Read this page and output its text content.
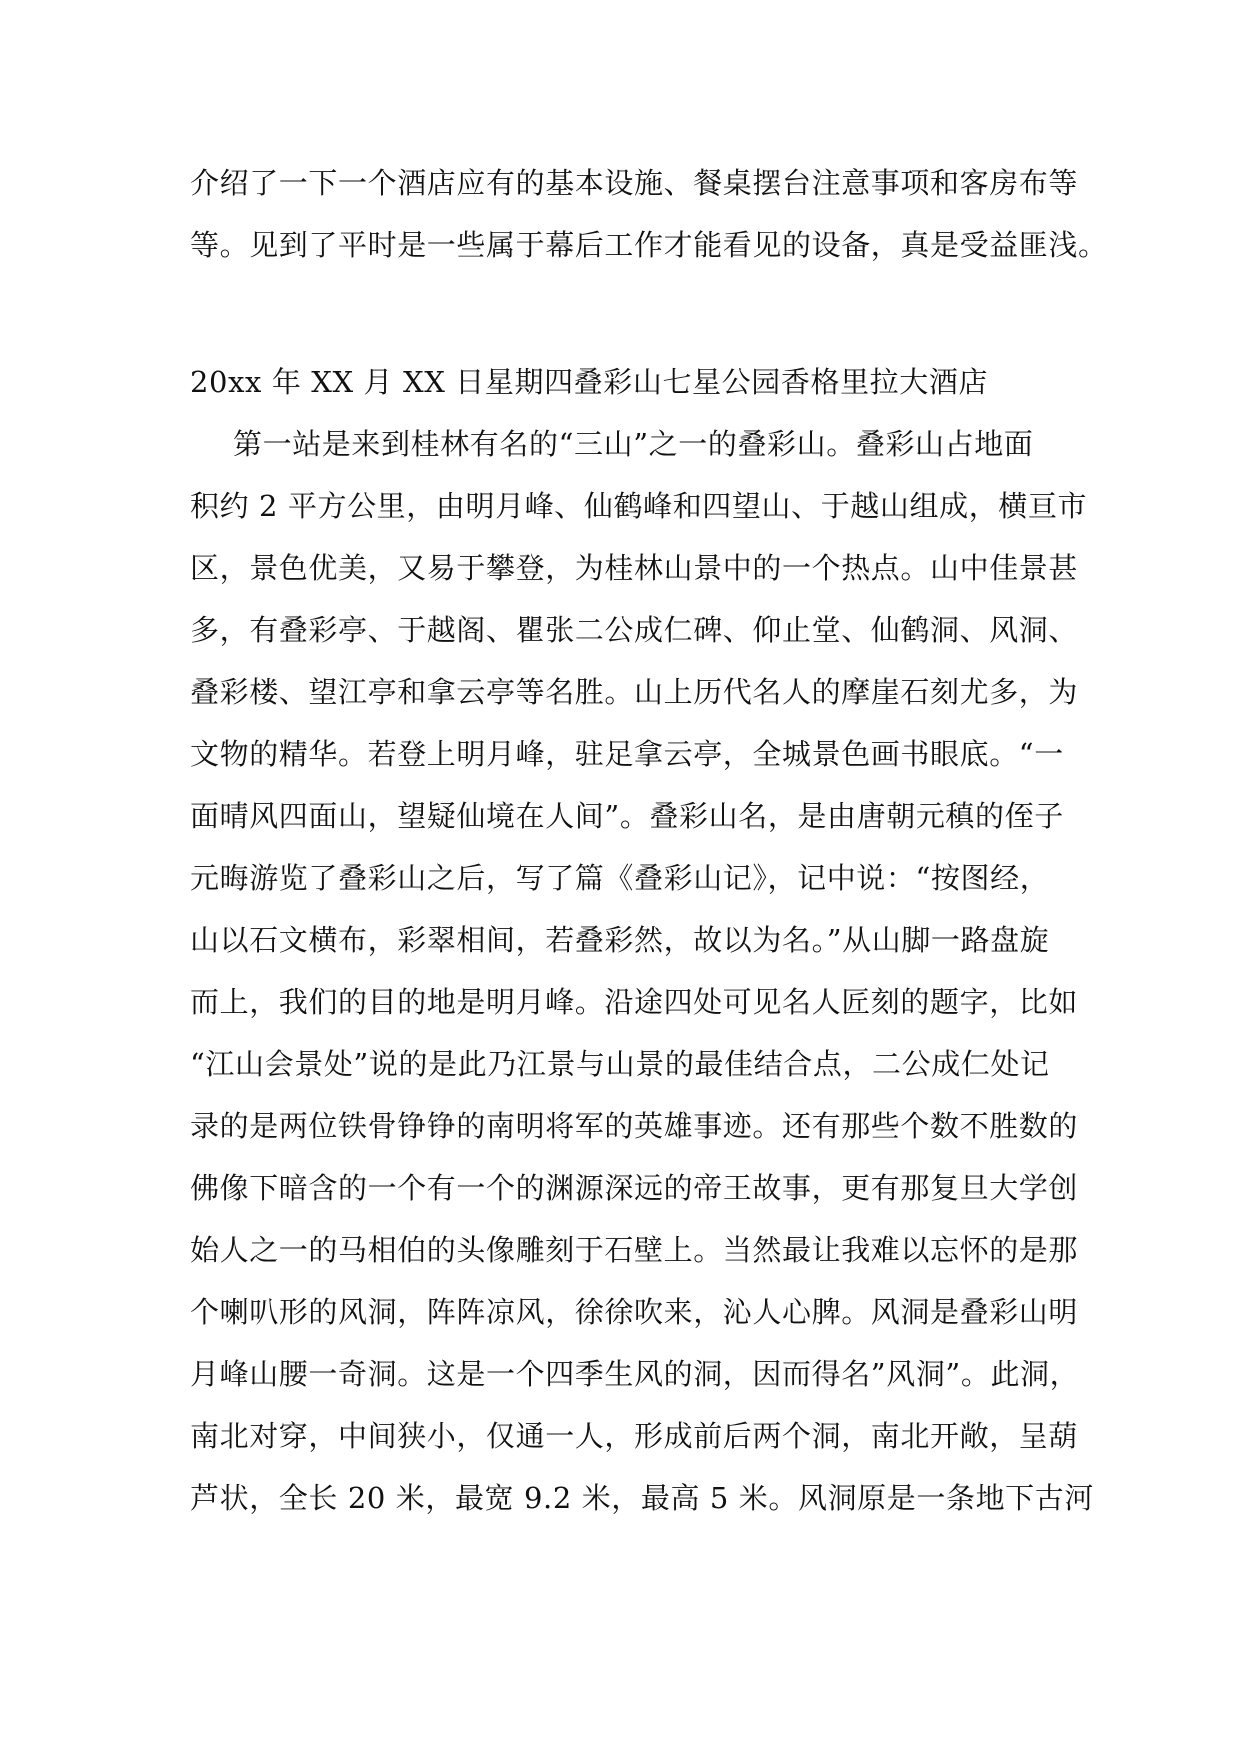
介绍了一下一个酒店应有的基本设施、餐桌摆台注意事项和客房布等
等。见到了平时是一些属于幕后工作才能看见的设备，真是受益匪浅。
20xx 年 XX 月 XX 日星期四叠彩山七星公园香格里拉大酒店
第一站是来到桂林有名的“三山”之一的叠彩山。叠彩山占地面
积约 2 平方公里，由明月峰、仙鹤峰和四望山、于越山组成，横亘市
区，景色优美，又易于攀登，为桂林山景中的一个热点。山中佳景甚
多，有叠彩亭、于越阁、瞿张二公成仁碑、仰止堂、仙鹤洞、风洞、
叠彩楼、望江亭和拿云亭等名胜。山上历代名人的摩崖石刻尤多，为
文物的精华。若登上明月峰，驻足拿云亭，全城景色画书眼底。“一
面晴风四面山，望疑仙境在人间”。叠彩山名，是由唐朝元稹的侄子
元晦游览了叠彩山之后，写了篇《叠彩山记》，记中说：“按图经，
山以石文横布，彩翠相间，若叠彩然，故以为名。”从山脚一路盘旋
而上，我们的目的地是明月峰。沿途四处可见名人匠刻的题字，比如
“江山会景处”说的是此乃江景与山景的最佳结合点，二公成仁处记
录的是两位铁骨铮铮的南明将军的英雄事迹。还有那些个数不胜数的
佛像下暗含的一个有一个的渊源深远的帝王故事，更有那复旦大学创
始人之一的马相伯的头像雕刻于石壁上。当然最让我难以忘怀的是那
个喇叭形的风洞，阵阵凉风，徐徐吹来，沁人心脾。风洞是叠彩山明
月峰山腰一奇洞。这是一个四季生风的洞，因而得名”风洞”。此洞，
南北对穿，中间狭小，仅通一人，形成前后两个洞，南北开敞，呈葫
芦状，全长 20 米，最宽 9.2 米，最高 5 米。风洞原是一条地下古河
